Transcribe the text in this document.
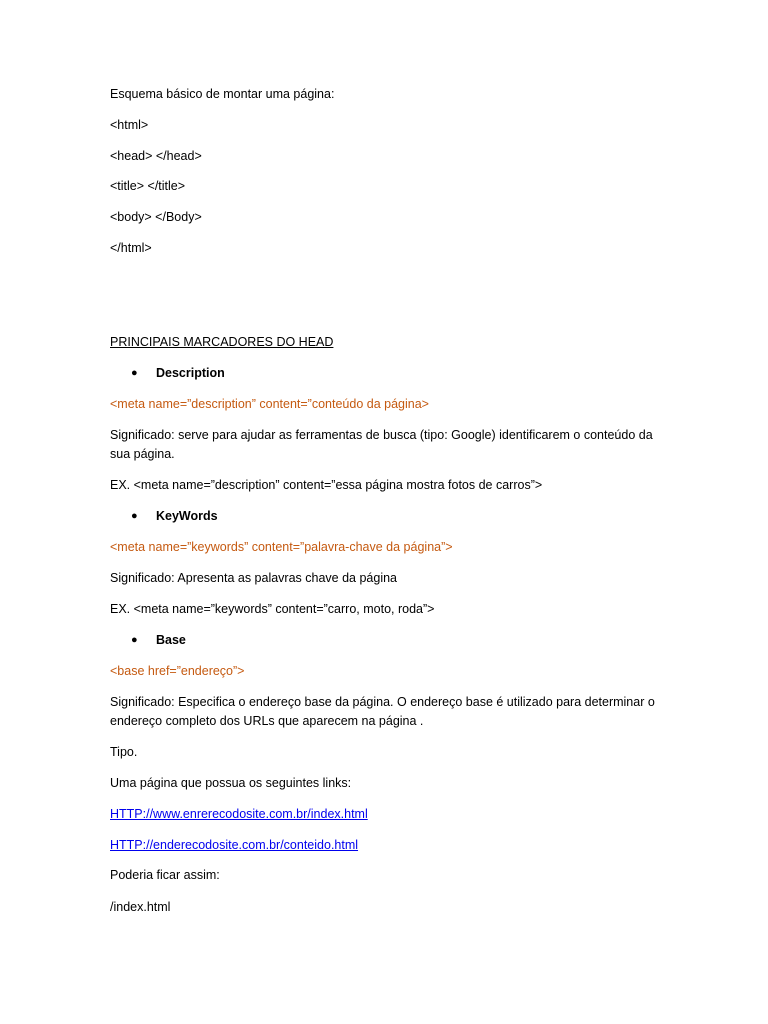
Esquema básico de montar uma página:
<html>
<head> </head>
<title> </title>
<body> </Body>
</html>
PRINCIPAIS MARCADORES DO HEAD
● Description
<meta name=”description” content=”conteúdo da página>
Significado: serve para ajudar as ferramentas de busca (tipo: Google) identificarem o conteúdo da sua página.
EX. <meta name=”description” content=”essa página mostra fotos de carros”>
● KeyWords
<meta name=”keywords” content=”palavra-chave da página”>
Significado: Apresenta as palavras chave da página
EX. <meta name=”keywords” content=”carro, moto, roda”>
● Base
<base href=”endereço”>
Significado: Especifica o endereço base da página. O endereço base é utilizado para determinar o endereço completo dos URLs que aparecem na página .
Tipo.
Uma página que possua os seguintes links:
HTTP://www.enrerecodosite.com.br/index.html
HTTP://enderecodosite.com.br/conteido.html
Poderia ficar assim:
/index.html
